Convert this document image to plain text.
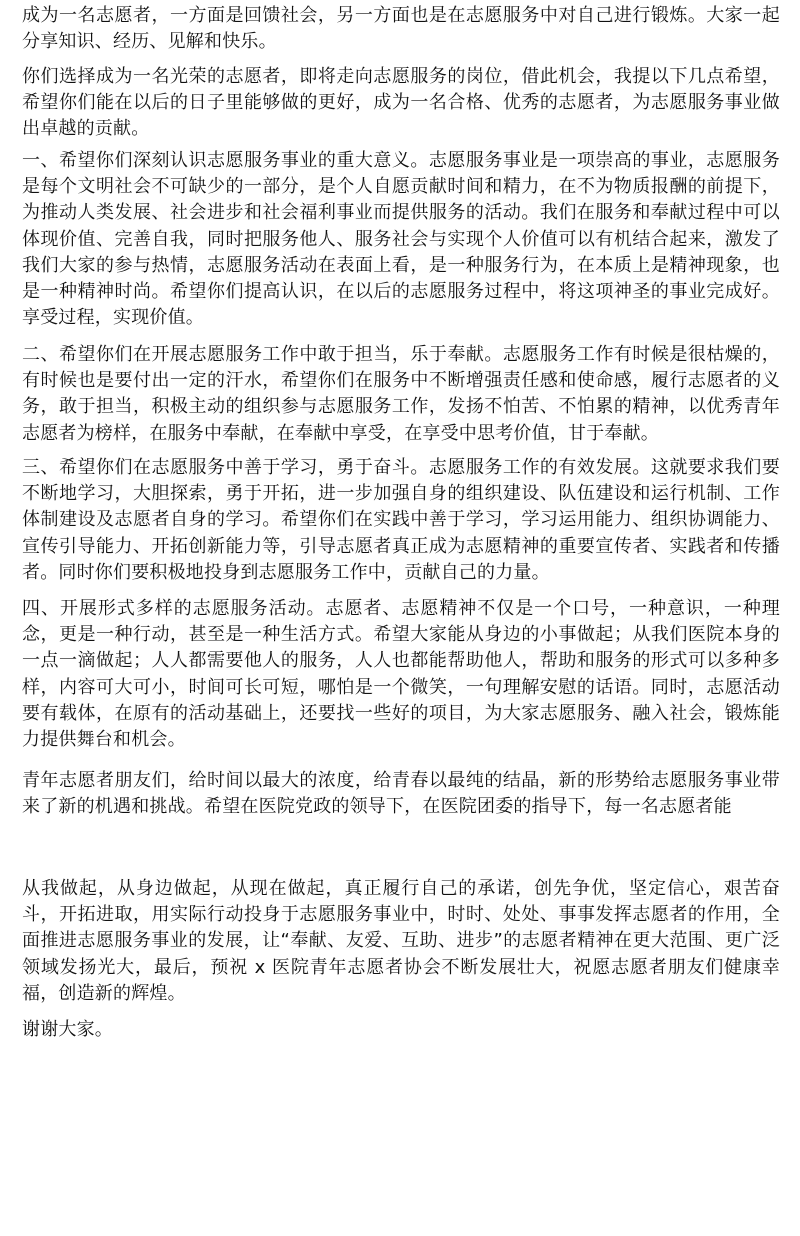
成为一名志愿者，一方面是回馈社会，另一方面也是在志愿服务中对自己进行锻炼。大家一起分享知识、经历、见解和快乐。

你们选择成为一名光荣的志愿者，即将走向志愿服务的岗位，借此机会，我提以下几点希望，希望你们能在以后的日子里能够做的更好，成为一名合格、优秀的志愿者，为志愿服务事业做出卓越的贡献。

一、希望你们深刻认识志愿服务事业的重大意义。志愿服务事业是一项崇高的事业，志愿服务是每个文明社会不可缺少的一部分，是个人自愿贡献时间和精力，在不为物质报酬的前提下，为推动人类发展、社会进步和社会福利事业而提供服务的活动。我们在服务和奉献过程中可以体现价值、完善自我，同时把服务他人、服务社会与实现个人价值可以有机结合起来，激发了我们大家的参与热情，志愿服务活动在表面上看，是一种服务行为，在本质上是精神现象，也是一种精神时尚。希望你们提高认识，在以后的志愿服务过程中，将这项神圣的事业完成好。享受过程，实现价值。

二、希望你们在开展志愿服务工作中敢于担当，乐于奉献。志愿服务工作有时候是很枯燥的，有时候也是要付出一定的汗水，希望你们在服务中不断增强责任感和使命感，履行志愿者的义务，敢于担当，积极主动的组织参与志愿服务工作，发扬不怕苦、不怕累的精神，以优秀青年志愿者为榜样，在服务中奉献，在奉献中享受，在享受中思考价值，甘于奉献。

三、希望你们在志愿服务中善于学习，勇于奋斗。志愿服务工作的有效发展。这就要求我们要不断地学习，大胆探索，勇于开拓，进一步加强自身的组织建设、队伍建设和运行机制、工作体制建设及志愿者自身的学习。希望你们在实践中善于学习，学习运用能力、组织协调能力、宣传引导能力、开拓创新能力等，引导志愿者真正成为志愿精神的重要宣传者、实践者和传播者。同时你们要积极地投身到志愿服务工作中，贡献自己的力量。

四、开展形式多样的志愿服务活动。志愿者、志愿精神不仅是一个口号，一种意识，一种理念，更是一种行动，甚至是一种生活方式。希望大家能从身边的小事做起；从我们医院本身的一点一滴做起；人人都需要他人的服务，人人也都能帮助他人，帮助和服务的形式可以多种多样，内容可大可小，时间可长可短，哪怕是一个微笑，一句理解安慰的话语。同时，志愿活动要有载体，在原有的活动基础上，还要找一些好的项目，为大家志愿服务、融入社会，锻炼能力提供舞台和机会。

青年志愿者朋友们，给时间以最大的浓度，给青春以最纯的结晶，新的形势给志愿服务事业带来了新的机遇和挑战。希望在医院党政的领导下，在医院团委的指导下，每一名志愿者能

从我做起，从身边做起，从现在做起，真正履行自己的承诺，创先争优，坚定信心，艰苦奋斗，开拓进取，用实际行动投身于志愿服务事业中，时时、处处、事事发挥志愿者的作用，全面推进志愿服务事业的发展，让“奉献、友爱、互助、进步”的志愿者精神在更大范围、更广泛领域发扬光大，最后，预祝 x 医院青年志愿者协会不断发展壮大，祝愿志愿者朋友们健康幸福，创造新的辉煌。

谢谢大家。
